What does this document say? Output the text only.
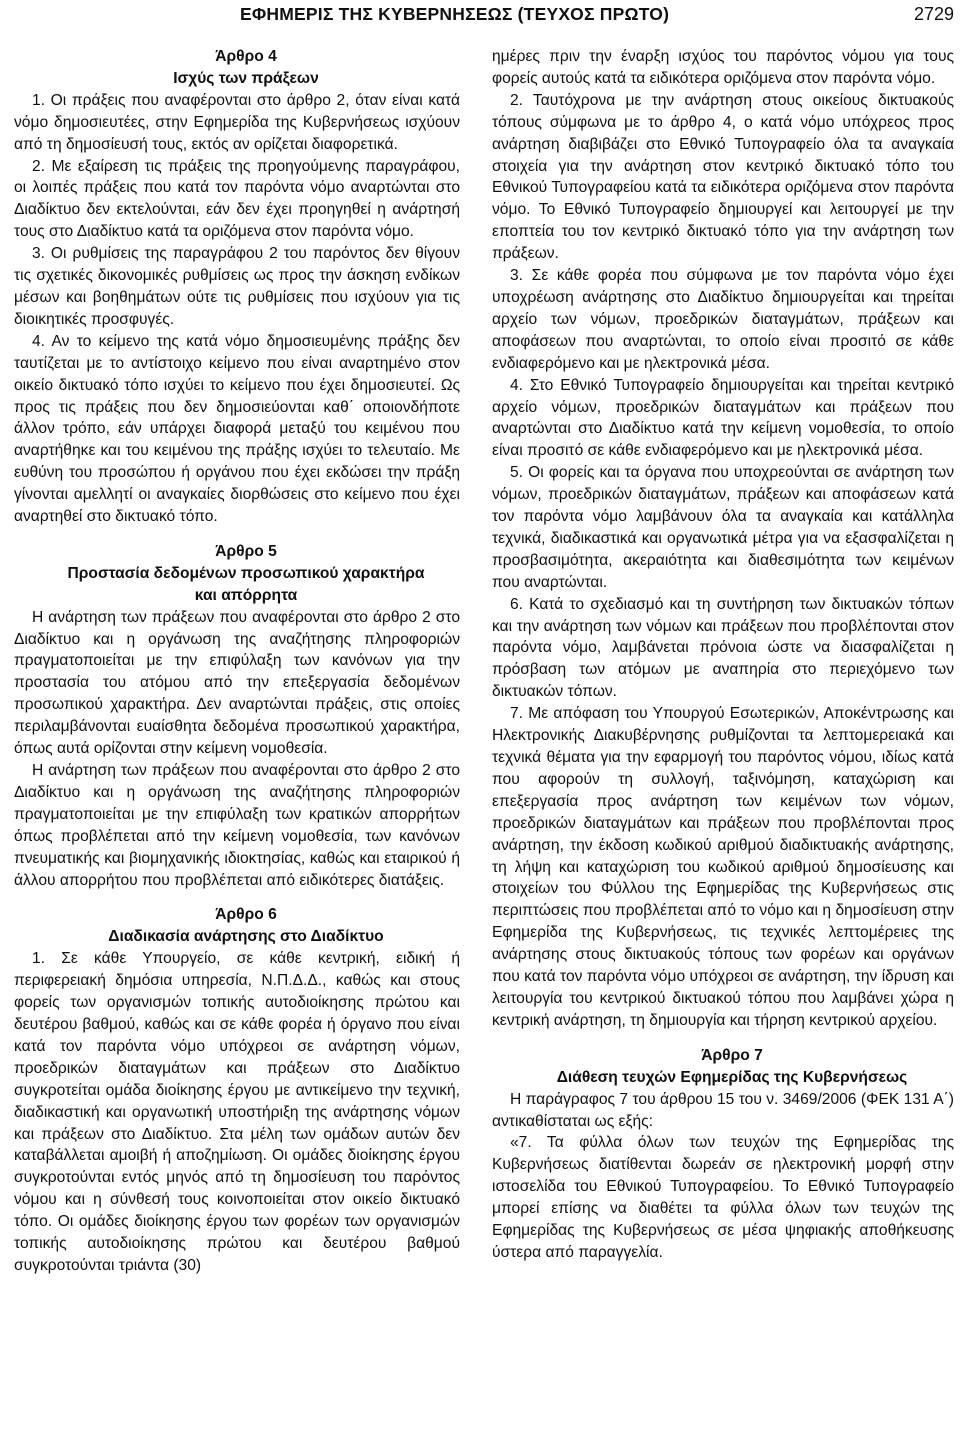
ΕΦΗΜΕΡΙΣ ΤΗΣ ΚΥΒΕΡΝΗΣΕΩΣ (ΤΕΥΧΟΣ ΠΡΩΤΟ)	2729

Άρθρο 4

Ισχύς των πράξεων

1. Οι πράξεις που αναφέρονται στο άρθρο 2, όταν είναι κατά νόμο δημοσιευτέες, στην Εφημερίδα της Κυβερνήσεως ισχύουν από τη δημοσίευσή τους, εκτός αν ορίζεται διαφορετικά.

2. Με εξαίρεση τις πράξεις της προηγούμενης παραγράφου, οι λοιπές πράξεις που κατά τον παρόντα νόμο αναρτώνται στο Διαδίκτυο δεν εκτελούνται, εάν δεν έχει προηγηθεί η ανάρτησή τους στο Διαδίκτυο κατά τα οριζόμενα στον παρόντα νόμο.

3. Οι ρυθμίσεις της παραγράφου 2 του παρόντος δεν θίγουν τις σχετικές δικονομικές ρυθμίσεις ως προς την άσκηση ενδίκων μέσων και βοηθημάτων ούτε τις ρυθμίσεις που ισχύουν για τις διοικητικές προσφυγές.

4. Αν το κείμενο της κατά νόμο δημοσιευμένης πράξης δεν ταυτίζεται με το αντίστοιχο κείμενο που είναι αναρτημένο στον οικείο δικτυακό τόπο ισχύει το κείμενο που έχει δημοσιευτεί. Ως προς τις πράξεις που δεν δημοσιεύονται καθ΄ οποιονδήποτε άλλον τρόπο, εάν υπάρχει διαφορά μεταξύ του κειμένου που αναρτήθηκε και του κειμένου της πράξης ισχύει το τελευταίο. Με ευθύνη του προσώπου ή οργάνου που έχει εκδώσει την πράξη γίνονται αμελλητί οι αναγκαίες διορθώσεις στο κείμενο που έχει αναρτηθεί στο δικτυακό τόπο.

Άρθρο 5

Προστασία δεδομένων προσωπικού χαρακτήρα

και απόρρητα

Η ανάρτηση των πράξεων που αναφέρονται στο άρθρο 2 στο Διαδίκτυο και η οργάνωση της αναζήτησης πληροφοριών πραγματοποιείται με την επιφύλαξη των κανόνων για την προστασία του ατόμου από την επεξεργασία δεδομένων προσωπικού χαρακτήρα. Δεν αναρτώνται πράξεις, στις οποίες περιλαμβάνονται ευαίσθητα δεδομένα προσωπικού χαρακτήρα, όπως αυτά ορίζονται στην κείμενη νομοθεσία.

Η ανάρτηση των πράξεων που αναφέρονται στο άρθρο 2 στο Διαδίκτυο και η οργάνωση της αναζήτησης πληροφοριών πραγματοποιείται με την επιφύλαξη των κρατικών απορρήτων όπως προβλέπεται από την κείμενη νομοθεσία, των κανόνων πνευματικής και βιομηχανικής ιδιοκτησίας, καθώς και εταιρικού ή άλλου απορρήτου που προβλέπεται από ειδικότερες διατάξεις.

Άρθρο 6

Διαδικασία ανάρτησης στο Διαδίκτυο

1. Σε κάθε Υπουργείο, σε κάθε κεντρική, ειδική ή περιφερειακή δημόσια υπηρεσία, Ν.Π.Δ.Δ., καθώς και στους φορείς των οργανισμών τοπικής αυτοδιοίκησης πρώτου και δευτέρου βαθμού, καθώς και σε κάθε φορέα ή όργανο που είναι κατά τον παρόντα νόμο υπόχρεοι σε ανάρτηση νόμων, προεδρικών διαταγμάτων και πράξεων στο Διαδίκτυο συγκροτείται ομάδα διοίκησης έργου με αντικείμενο την τεχνική, διαδικαστική και οργανωτική υποστήριξη της ανάρτησης νόμων και πράξεων στο Διαδίκτυο. Στα μέλη των ομάδων αυτών δεν καταβάλλεται αμοιβή ή αποζημίωση. Οι ομάδες διοίκησης έργου συγκροτούνται εντός μηνός από τη δημοσίευση του παρόντος νόμου και η σύνθεσή τους κοινοποιείται στον οικείο δικτυακό τόπο. Οι ομάδες διοίκησης έργου των φορέων των οργανισμών τοπικής αυτοδιοίκησης πρώτου και δευτέρου βαθμού συγκροτούνται τριάντα (30)

ημέρες πριν την έναρξη ισχύος του παρόντος νόμου για τους φορείς αυτούς κατά τα ειδικότερα οριζόμενα στον παρόντα νόμο.

2. Ταυτόχρονα με την ανάρτηση στους οικείους δικτυακούς τόπους σύμφωνα με το άρθρο 4, ο κατά νόμο υπόχρεος προς ανάρτηση διαβιβάζει στο Εθνικό Τυπογραφείο όλα τα αναγκαία στοιχεία για την ανάρτηση στον κεντρικό δικτυακό τόπο του Εθνικού Τυπογραφείου κατά τα ειδικότερα οριζόμενα στον παρόντα νόμο. Το Εθνικό Τυπογραφείο δημιουργεί και λειτουργεί με την εποπτεία του τον κεντρικό δικτυακό τόπο για την ανάρτηση των πράξεων.

3. Σε κάθε φορέα που σύμφωνα με τον παρόντα νόμο έχει υποχρέωση ανάρτησης στο Διαδίκτυο δημιουργείται και τηρείται αρχείο των νόμων, προεδρικών διαταγμάτων, πράξεων και αποφάσεων που αναρτώνται, το οποίο είναι προσιτό σε κάθε ενδιαφερόμενο και με ηλεκτρονικά μέσα.

4. Στο Εθνικό Τυπογραφείο δημιουργείται και τηρείται κεντρικό αρχείο νόμων, προεδρικών διαταγμάτων και πράξεων που αναρτώνται στο Διαδίκτυο κατά την κείμενη νομοθεσία, το οποίο είναι προσιτό σε κάθε ενδιαφερόμενο και με ηλεκτρονικά μέσα.

5. Οι φορείς και τα όργανα που υποχρεούνται σε ανάρτηση των νόμων, προεδρικών διαταγμάτων, πράξεων και αποφάσεων κατά τον παρόντα νόμο λαμβάνουν όλα τα αναγκαία και κατάλληλα τεχνικά, διαδικαστικά και οργανωτικά μέτρα για να εξασφαλίζεται η προσβασιμότητα, ακεραιότητα και διαθεσιμότητα των κειμένων που αναρτώνται.

6. Κατά το σχεδιασμό και τη συντήρηση των δικτυακών τόπων και την ανάρτηση των νόμων και πράξεων που προβλέπονται στον παρόντα νόμο, λαμβάνεται πρόνοια ώστε να διασφαλίζεται η πρόσβαση των ατόμων με αναπηρία στο περιεχόμενο των δικτυακών τόπων.

7. Με απόφαση του Υπουργού Εσωτερικών, Αποκέντρωσης και Ηλεκτρονικής Διακυβέρνησης ρυθμίζονται τα λεπτομερειακά και τεχνικά θέματα για την εφαρμογή του παρόντος νόμου, ιδίως κατά που αφορούν τη συλλογή, ταξινόμηση, καταχώριση και επεξεργασία προς ανάρτηση των κειμένων των νόμων, προεδρικών διαταγμάτων και πράξεων που προβλέπονται προς ανάρτηση, την έκδοση κωδικού αριθμού διαδικτυακής ανάρτησης, τη λήψη και καταχώριση του κωδικού αριθμού δημοσίευσης και στοιχείων του Φύλλου της Εφημερίδας της Κυβερνήσεως στις περιπτώσεις που προβλέπεται από το νόμο και η δημοσίευση στην Εφημερίδα της Κυβερνήσεως, τις τεχνικές λεπτομέρειες της ανάρτησης στους δικτυακούς τόπους των φορέων και οργάνων που κατά τον παρόντα νόμο υπόχρεοι σε ανάρτηση, την ίδρυση και λειτουργία του κεντρικού δικτυακού τόπου που λαμβάνει χώρα η κεντρική ανάρτηση, τη δημιουργία και τήρηση κεντρικού αρχείου.

Άρθρο 7

Διάθεση τευχών Εφημερίδας της Κυβερνήσεως

Η παράγραφος 7 του άρθρου 15 του ν. 3469/2006 (ΦΕΚ 131 Α΄) αντικαθίσταται ως εξής:

«7. Τα φύλλα όλων των τευχών της Εφημερίδας της Κυβερνήσεως διατίθενται δωρεάν σε ηλεκτρονική μορφή στην ιστοσελίδα του Εθνικού Τυπογραφείου. Το Εθνικό Τυπογραφείο μπορεί επίσης να διαθέτει τα φύλλα όλων των τευχών της Εφημερίδας της Κυβερνήσεως σε μέσα ψηφιακής αποθήκευσης ύστερα από παραγγελία.
